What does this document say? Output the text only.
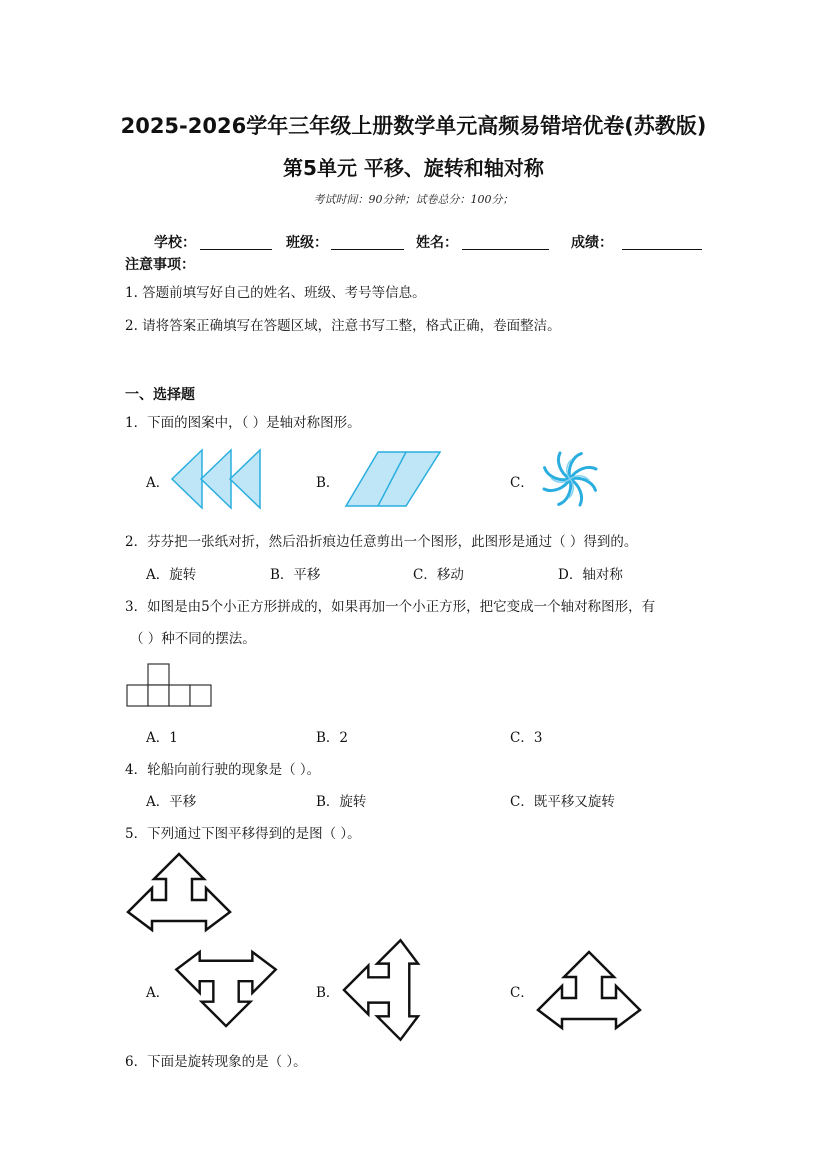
2025-2026学年三年级上册数学单元高频易错培优卷(苏教版)
第5单元 平移、旋转和轴对称
考试时间：90分钟；试卷总分：100分；
学校：	班级：	姓名：	成绩：
注意事项：
1. 答题前填写好自己的姓名、班级、考号等信息。
2. 请将答案正确填写在答题区域，注意书写工整，格式正确，卷面整洁。
一、选择题
1．下面的图案中，（ ）是轴对称图形。
A．	B．	C．
2．芬芬把一张纸对折，然后沿折痕边任意剪出一个图形，此图形是通过（ ）得到的。
A．旋转	B．平移	C．移动	D．轴对称
3．如图是由5个小正方形拼成的，如果再加一个小正方形，把它变成一个轴对称图形，有
（ ）种不同的摆法。
A．1	B．2	C．3
4．轮船向前行驶的现象是（ ）。
A．平移	B．旋转	C．既平移又旋转
5．下列通过下图平移得到的是图（ ）。
A．	B．	C．
6．下面是旋转现象的是（ ）。
